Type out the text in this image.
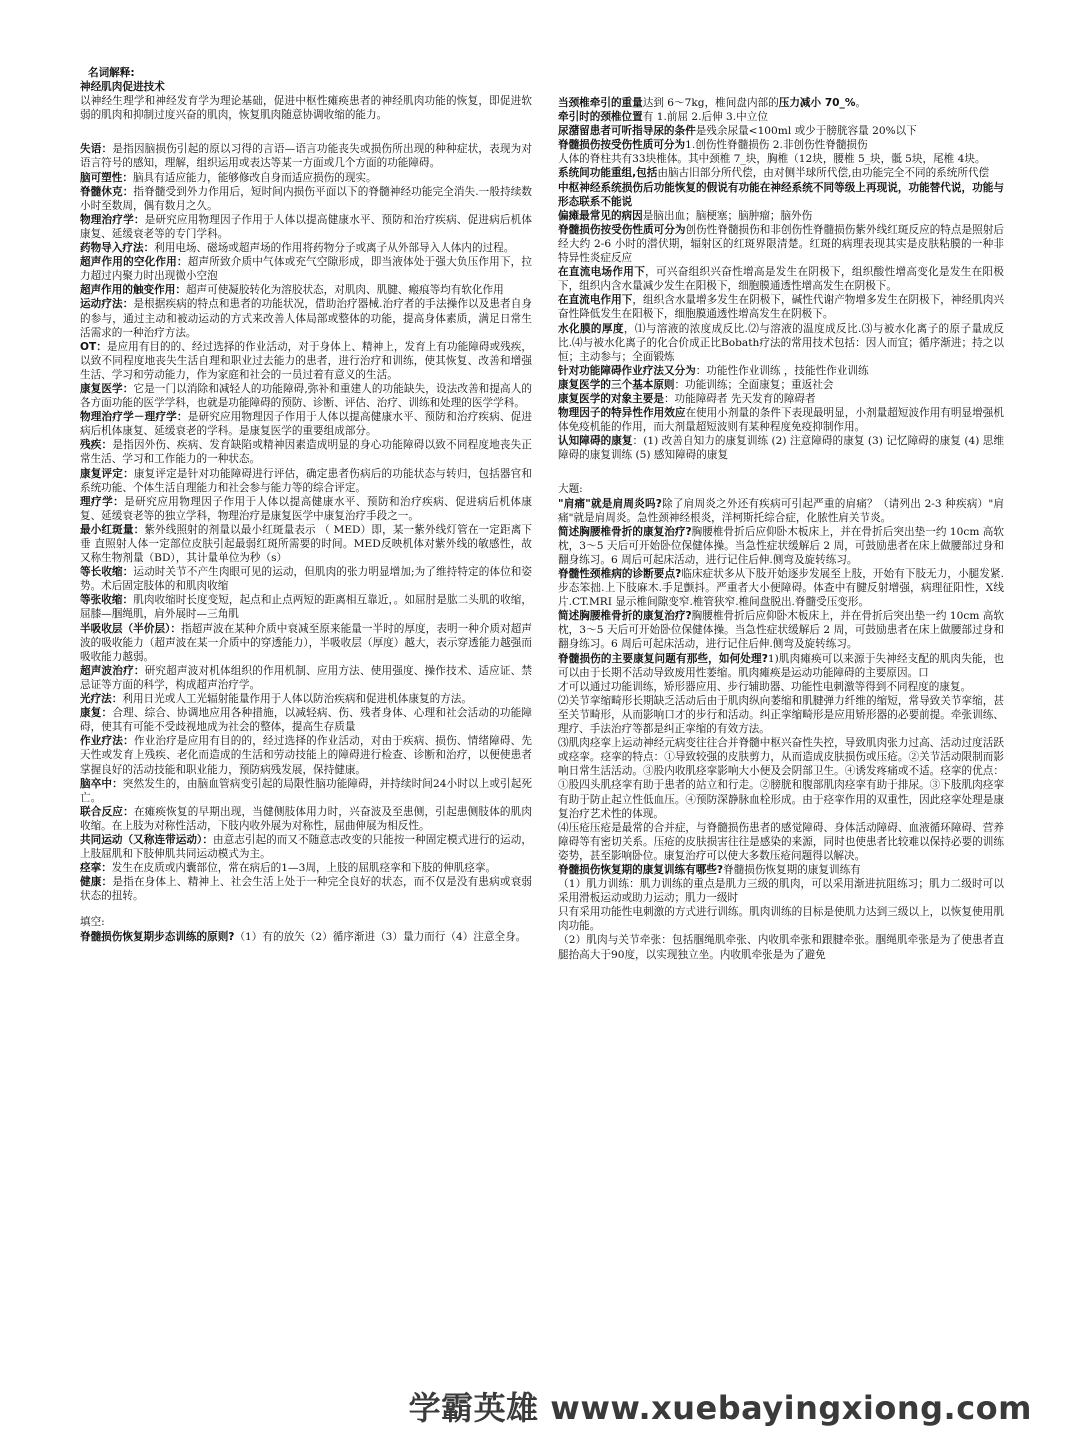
名词解释:
神经肌肉促进技术
以神经生理学和神经发育学为理论基础，促进中枢性瘫痪患者的神经肌肉功能的恢复，即促进软弱的肌肉和抑制过度兴奋的肌肉，恢复肌肉随意协调收缩的能力。
失语：是指因脑损伤引起的原以习得的言语—语言功能丧失或损伤所出现的种种症状，表现为对语言符号的感知，理解，组织运用或表达等某一方面或几个方面的功能障碍。
脑可塑性：脑具有适应能力，能够修改自身而适应损伤的现实。
脊髓休克：指脊髓受到外力作用后，短时间内损伤平面以下的脊髓神经功能完全消失.一般持续数小时至数周，偶有数月之久。
物理治疗学：是研究应用物理因子作用于人体以提高健康水平、预防和治疗疾病、促进病后机体康复、延缓衰老等的专门学科。
药物导入疗法：利用电场、磁场或超声场的作用将药物分子或离子从外部导入人体内的过程。
超声作用的空化作用：超声所致介质中气体或充气空隙形成，即当液体处于强大负压作用下，拉力超过内聚力时出现微小空泡
超声作用的触变作用：超声可使凝胶转化为溶胶状态，对肌肉、肌腱、瘢痕等均有软化作用
运动疗法：是根据疾病的特点和患者的功能状况，借助治疗器械.治疗者的手法操作以及患者自身的参与，通过主动和被动运动的方式来改善人体局部或整体的功能，提高身体素质，满足日常生活需求的一种治疗方法。
OT：是应用有目的的、经过选择的作业活动，对于身体上、精神上，发育上有功能障碍或残疾，以致不同程度地丧失生活自理和职业过去能力的患者，进行治疗和训练，使其恢复、改善和增强生活、学习和劳动能力，作为家庭和社会的一员过着有意义的生活。
康复医学：它是一门以消除和减轻人的功能障碍,弥补和重建人的功能缺失，设法改善和提高人的各方面功能的医学学科，也就是功能障碍的预防、诊断、评估、治疗、训练和处理的医学学科。
物理治疗学－理疗学：是研究应用物理因子作用于人体以提高健康水平、预防和治疗疾病、促进病后机体康复、延缓衰老的学科。是康复医学的重要组成部分。
残疾：是指因外伤、疾病、发育缺陷或精神因素造成明显的身心功能障碍以致不同程度地丧失正常生活、学习和工作能力的一种状态。
康复评定：康复评定是针对功能障碍进行评估，确定患者伤病后的功能状态与转归，包括器官和系统功能、个体生活自理能力和社会参与能力等的综合评定。
理疗学：是研究应用物理因子作用于人体以提高健康水平、预防和治疗疾病、促进病后机体康复、延缓衰老等的独立学科，物理治疗是康复医学中康复治疗手段之一。
最小红斑量：紫外线照射的剂量以最小红斑量表示 （ MED）即，某一紫外线灯管在一定距离下垂 直照射人体一定部位皮肤引起最弱红斑所需要的时间。MED反映机体对紫外线的敏感性，故又称生物剂量（BD），其计量单位为秒（s）
等长收缩：运动时关节不产生肉眼可见的运动，但肌肉的张力明显增加;为了维持特定的体位和姿势。术后固定肢体的和肌肉收缩
等张收缩：肌肉收缩时长度变短，起点和止点两短的距离相互靠近，。如屈肘是肱二头肌的收缩，屈膝—腘绳肌，肩外展时—三角肌
半吸收层（半价层）：指超声波在某种介质中衰减至原来能量一半时的厚度，表明一种介质对超声波的吸收能力（超声波在某一介质中的穿透能力），半吸收层（厚度）越大，表示穿透能力越强而吸收能力越弱。
超声波治疗：研究超声波对机体组织的作用机制、应用方法、使用强度、操作技术、适应证、禁忌证等方面的科学，构成超声治疗学。
光疗法：利用日光或人工光辐射能量作用于人体以防治疾病和促进机体康复的方法。
康复：合理、综合、协调地应用各种措施，以减轻病、伤、残者身体、心理和社会活动的功能障碍，使其有可能不受歧视地成为社会的整体，提高生存质量
作业疗法：作业治疗是应用有目的的，经过选择的作业活动，对由于疾病、损伤、情绪障碍、先天性或发育上残疾、老化而造成的生活和劳动技能上的障碍进行检查、诊断和治疗，以便使患者掌握良好的活动技能和职业能力，预防病残发展，保持健康。
脑卒中：突然发生的，由脑血管病变引起的局限性脑功能障碍，并持续时间24小时以上或引起死亡。
联合反应：在瘫痪恢复的早期出现，当健侧肢体用力时，兴奋波及至患侧，引起患侧肢体的肌肉收缩。在上肢为对称性活动，下肢内收外展为对称性，屈曲伸展为相反性。
共同运动（又称连带运动）：由意志引起的而又不随意志改变的只能按一种固定模式进行的运动，上肢屈肌和下肢伸肌共同运动模式为主。
痉挛：发生在皮质或内囊部位，常在病后的1—3周，上肢的屈肌痉挛和下肢的伸肌痉挛。
健康：是指在身体上、精神上、社会生活上处于一种完全良好的状态，而不仅是没有患病或衰弱状态的扭转。
填空:
脊髓损伤恢复期步态训练的原则?（1）有的放矢（2）循序渐进（3）量力而行（4）注意全身。
当颈椎牵引的重量达到 6～7kg，椎间盘内部的压力减小 70_%。
牵引时的颈椎位置有 1.前屈 2.后伸 3.中立位
尿潴留患者可听指导尿的条件是残余尿量<100ml 或少于膀胱容量 20%以下
脊髓损伤按受伤性质可分为1.创伤性脊髓损伤 2.非创伤性脊髓损伤
人体的脊柱共有33块椎体。其中颈椎 7_块，胸椎（12块，腰椎 5_块，骶 5块，尾椎 4块。
系统间功能重组,包括由脑古旧部分所代偿，由对侧半球所代偿,由功能完全不同的系统所代偿
中枢神经系统损伤后功能恢复的假说有功能在神经系统不同等级上再现说，功能替代说，功能与形态联系不能说
偏瘫最常见的病因是脑出血；脑梗塞；脑肿瘤；脑外伤
脊髓损伤按受伤性质可分为创伤性脊髓损伤和非创伤性脊髓损伤紫外线红斑反应的特点是照射后经大约 2-6 小时的潜伏期，辐射区的红斑界限清楚。红斑的病理表现其实是皮肤粘膜的一种非特异性炎症反应
在直流电场作用下，可兴奋组织兴奋性增高是发生在阴极下，组织酸性增高变化是发生在阳极下，组织内含水量减少发生在阳极下，细胞膜通透性增高发生在阴极下。
在直流电作用下，组织含水量增多发生在阴极下，碱性代谢产物增多发生在阴极下，神经肌肉兴奋性降低发生在阳极下，细胞膜通透性增高发生在阴极下。
水化膜的厚度，⑴与溶液的浓度成反比.⑵与溶液的温度成反比.⑶与被水化离子的原子量成反比.⑷与被水化离子的化合价成正比Bobath疗法的常用技术包括：因人而宜；循序渐进；持之以恒；主动参与；全面锻炼
针对功能障碍作业疗法又分为：功能性作业训练 ，技能性作业训练
康复医学的三个基本原则：功能训练；全面康复；重返社会
康复医学的对象主要是：功能障碍者 先天发育的障碍者
物理因子的特异性作用效应在使用小剂量的条件下表现最明显，小剂量超短波作用有明显增强机体免疫机能的作用，而大剂量超短波则有某种程度免疫抑制作用。
认知障碍的康复：(1) 改善自知力的康复训练 (2) 注意障碍的康复 (3) 记忆障碍的康复 (4) 思维障碍的康复训练 (5) 感知障碍的康复
大题:
"肩痛"就是肩周炎吗?除了肩周炎之外还有疾病可引起严重的肩痛？（请列出 2-3 种疾病）"肩痛"就是肩周炎。急性颈神经根炎，洋柯斯托综合症，化脓性肩关节炎。
简述胸腰椎骨折的康复治疗?胸腰椎骨折后应仰卧木板床上，并在骨折后突出垫一约 10cm 高软枕，3～5 天后可开始卧位保健体操。当急性症状缓解后 2 周，可鼓励患者在床上做腰部过身和翻身练习。6 周后可起床活动，进行记住后伸.侧弯及旋转练习。
脊髓性颈椎病的诊断要点?临床症状多从下肢开始逐步发展至上肢，开始有下肢无力，小腿发紧.步态笨拙.上下肢麻木.手足颤抖。严重者大小便障碍。体查中有腱反射增强，病理征阳性，X线片.CT.MRI 显示椎间隙变窄.椎管狭窄.椎间盘脱出.脊髓受压变形。
简述胸腰椎骨折的康复治疗?胸腰椎骨折后应仰卧木板床上，并在骨折后突出垫一约 10cm 高软枕，3～5 天后可开始卧位保健体操。当急性症状缓解后 2 周，可鼓励患者在床上做腰部过身和翻身练习。6 周后可起床活动，进行记住后伸.侧弯及旋转练习。
脊髓损伤的主要康复问题有那些，如何处理?1)肌肉瘫痪可以来源于失神经支配的肌肉失能，也可以由于长期不活动导致废用性萎缩。肌肉瘫痪是运动功能障碍的主要原因。口
才可以通过功能训练，矫形器应用、步行辅助器、功能性电刺激等得到不同程度的康复。
⑵关节挛缩畸形长期缺乏活动后由于肌肉纵向萎缩和肌腱弹力纤维的缩短，常导致关节挛缩，甚至关节畸形，从而影响口才的步行和活动。纠正挛缩畸形是应用矫形器的必要前提。牵张训练、理疗、手法治疗等都是纠正挛缩的有效方法。
⑶肌肉痉挛上运动神经元病变往往合并脊髓中枢兴奋性失控，导致肌肉张力过高、活动过度活跃或痉挛。痉挛的特点：①导致较强的皮肤剪力，从而造成皮肤损伤或压疮。②关节活动限制而影响日常生活活动。③股内收肌痉挛影响大小便及会阴部卫生。④诱发疼痛或不适。痉挛的优点：①股四头肌痉挛有助于患者的站立和行走。②膀胱和腹部肌肉痉挛有助于排尿。③下肢肌肉痉挛有助于防止起立性低血压。④预防深静脉血栓形成。由于痉挛作用的双重性，因此痉挛处理是康复治疗艺术性的体现。
⑷压疮压疮是最常的合并症，与脊髓损伤患者的感觉障碍、身体活动障碍、血液循环障碍、营养障碍等有密切关系。压疮的皮肤损害往往是感染的来源，同时也使患者比较难以保持必要的训练姿势，甚至影响卧位。康复治疗可以使大多数压疮问题得以解决。
脊髓损伤恢复期的康复训练有哪些?脊髓损伤恢复期的康复训练有
（1）肌力训练：肌力训练的重点是肌力三级的肌肉，可以采用渐进抗阻练习；肌力二级时可以采用滑板运动或助力运动；肌力一级时
只有采用功能性电刺激的方式进行训练。肌肉训练的目标是使肌力达到三级以上，以恢复使用肌肉功能。
（2）肌肉与关节牵张：包括腘绳肌牵张、内收肌牵张和跟腱牵张。腘绳肌牵张是为了使患者直腿抬高大于90度，以实现独立坐。内收肌牵张是为了避免
学霸英雄 www.xuebayingxiong.com
